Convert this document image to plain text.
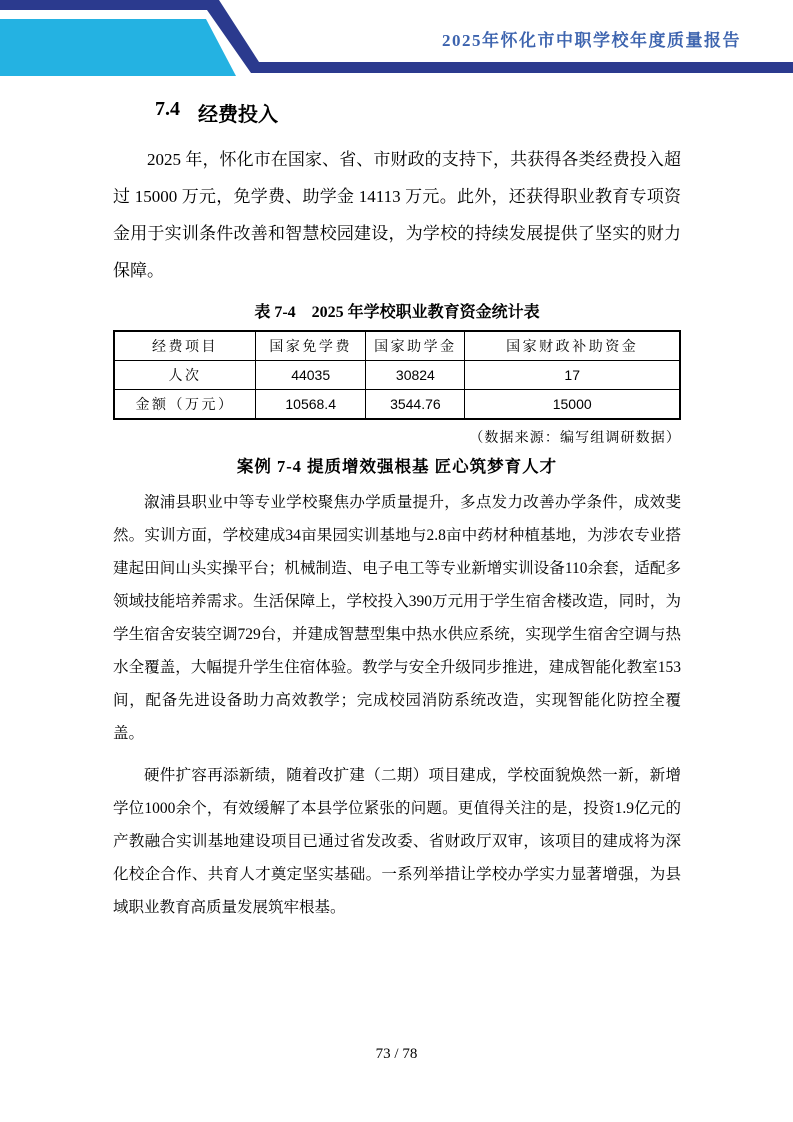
2025年怀化市中职学校年度质量报告
7.4 经费投入

2025 年，怀化市在国家、省、市财政的支持下，共获得各类经费投入超过 15000 万元，免学费、助学金 14113 万元。此外，还获得职业教育专项资金用于实训条件改善和智慧校园建设，为学校的持续发展提供了坚实的财力保障。

表 7-4 2025 年学校职业教育资金统计表
经费项目	国家免学费	国家助学金	国家财政补助资金
人次	44035	30824	17
金额（万元）	10568.4	3544.76	15000
（数据来源：编写组调研数据）
案例 7-4 提质增效强根基 匠心筑梦育人才

溆浦县职业中等专业学校聚焦办学质量提升，多点发力改善办学条件，成效斐然。实训方面，学校建成34亩果园实训基地与2.8亩中药材种植基地，为涉农专业搭建起田间山头实操平台；机械制造、电子电工等专业新增实训设备110余套，适配多领域技能培养需求。生活保障上，学校投入390万元用于学生宿舍楼改造，同时，为学生宿舍安装空调729台，并建成智慧型集中热水供应系统，实现学生宿舍空调与热水全覆盖，大幅提升学生住宿体验。教学与安全升级同步推进，建成智能化教室153间，配备先进设备助力高效教学；完成校园消防系统改造，实现智能化防控全覆盖。

硬件扩容再添新绩，随着改扩建（二期）项目建成，学校面貌焕然一新，新增学位1000余个，有效缓解了本县学位紧张的问题。更值得关注的是，投资1.9亿元的产教融合实训基地建设项目已通过省发改委、省财政厅双审，该项目的建成将为深化校企合作、共育人才奠定坚实基础。一系列举措让学校办学实力显著增强，为县域职业教育高质量发展筑牢根基。

73 / 78
